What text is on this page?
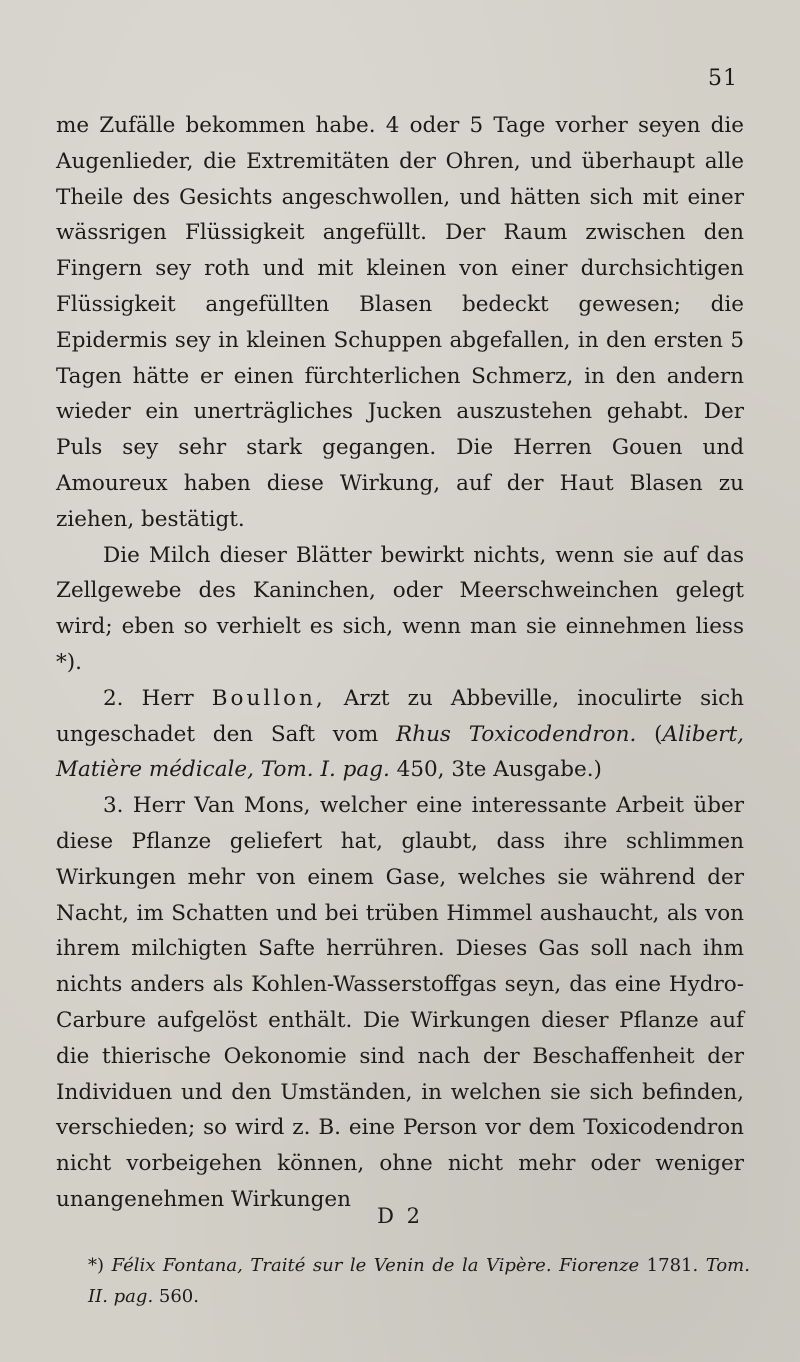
51

me Zufälle bekommen habe. 4 oder 5 Tage vorher seyen die Augenlieder, die Extremitäten der Ohren, und überhaupt alle Theile des Gesichts angeschwollen, und hätten sich mit einer wässrigen Flüssigkeit angefüllt. Der Raum zwischen den Fingern sey roth und mit kleinen von einer durchsichtigen Flüssigkeit angefüllten Blasen bedeckt gewesen; die Epidermis sey in kleinen Schuppen abgefallen, in den ersten 5 Tagen hätte er einen fürchterlichen Schmerz, in den andern wieder ein unerträgliches Jucken auszustehen gehabt. Der Puls sey sehr stark gegangen. Die Herren Gouen und Amoureux haben diese Wirkung, auf der Haut Blasen zu ziehen, bestätigt.

Die Milch dieser Blätter bewirkt nichts, wenn sie auf das Zellgewebe des Kaninchen, oder Meerschweinchen gelegt wird; eben so verhielt es sich, wenn man sie einnehmen liess *).

2. Herr Boullon, Arzt zu Abbeville, inoculirte sich ungeschadet den Saft vom Rhus Toxicodendron. (Alibert, Matière médicale, Tom. I. pag. 450, 3te Ausgabe.)

3. Herr Van Mons, welcher eine interessante Arbeit über diese Pflanze geliefert hat, glaubt, dass ihre schlimmen Wirkungen mehr von einem Gase, welches sie während der Nacht, im Schatten und bei trüben Himmel aushaucht, als von ihrem milchigten Safte herrühren. Dieses Gas soll nach ihm nichts anders als Kohlen-Wasserstoffgas seyn, das eine Hydro-Carbure aufgelöst enthält. Die Wirkungen dieser Pflanze auf die thierische Oekonomie sind nach der Beschaffenheit der Individuen und den Umständen, in welchen sie sich befinden, verschieden; so wird z. B. eine Person vor dem Toxicodendron nicht vorbeigehen können, ohne nicht mehr oder weniger unangenehmen Wirkungen

D 2
*) Félix Fontana, Traité sur le Venin de la Vipère. Fiorenze 1781. Tom. II. pag. 560.
